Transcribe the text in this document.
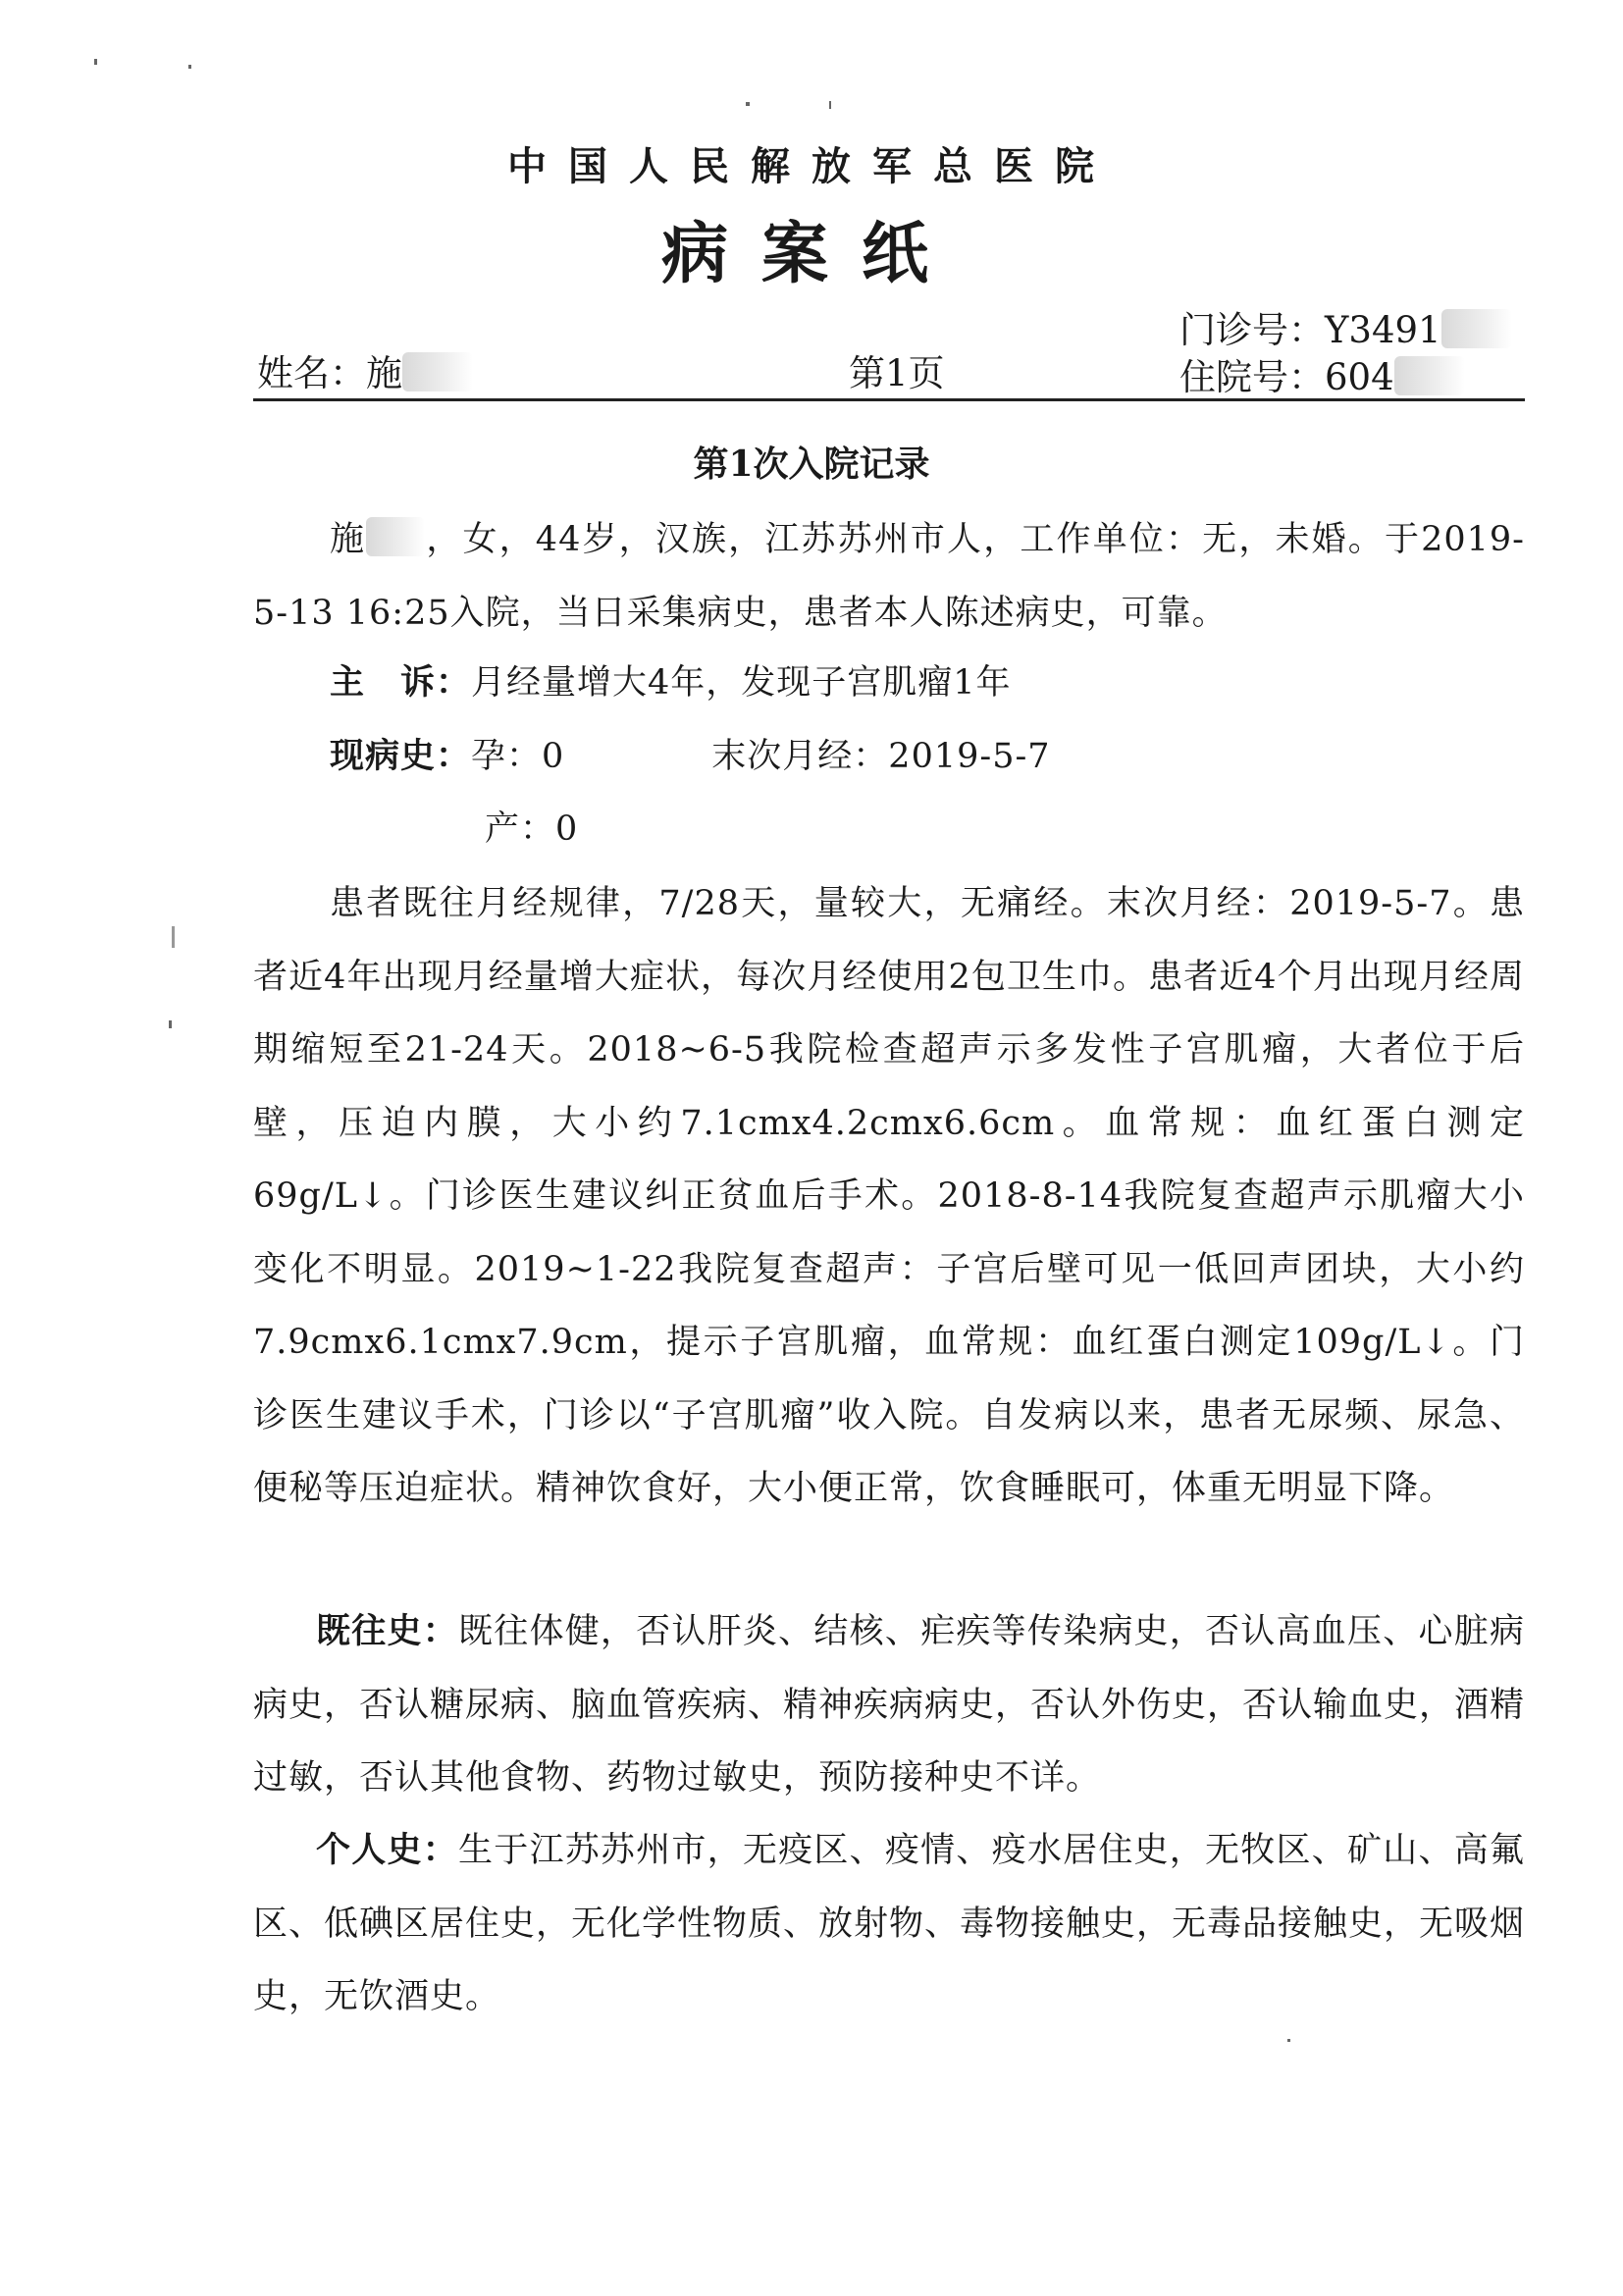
中国人民解放军总医院
病案纸
门诊号：Y3491
姓名：施	第1页	住院号：604
第1次入院记录

施 ，女，44岁，汉族，江苏苏州市人，工作单位：无，未婚。于2019-5-13 16:25入院，当日采集病史，患者本人陈述病史，可靠。

主　诉：月经量增大4年，发现子宫肌瘤1年

现病史：孕：0	末次月经：2019-5-7
产：0

患者既往月经规律，7/28天，量较大，无痛经。末次月经：2019-5-7。患者近4年出现月经量增大症状，每次月经使用2包卫生巾。患者近4个月出现月经周期缩短至21-24天。2018~6-5我院检查超声示多发性子宫肌瘤，大者位于后壁，压迫内膜，大小约7.1cmx4.2cmx6.6cm。血常规：血红蛋白测定69g/L↓。门诊医生建议纠正贫血后手术。2018-8-14我院复查超声示肌瘤大小变化不明显。2019~1-22我院复查超声：子宫后壁可见一低回声团块，大小约7.9cmx6.1cmx7.9cm，提示子宫肌瘤，血常规：血红蛋白测定109g/L↓。门诊医生建议手术，门诊以“子宫肌瘤”收入院。自发病以来，患者无尿频、尿急、便秘等压迫症状。精神饮食好，大小便正常，饮食睡眠可，体重无明显下降。

既往史：既往体健，否认肝炎、结核、疟疾等传染病史，否认高血压、心脏病病史，否认糖尿病、脑血管疾病、精神疾病病史，否认外伤史，否认输血史，酒精过敏，否认其他食物、药物过敏史，预防接种史不详。

个人史：生于江苏苏州市，无疫区、疫情、疫水居住史，无牧区、矿山、高氟区、低碘区居住史，无化学性物质、放射物、毒物接触史，无毒品接触史，无吸烟史，无饮酒史。
